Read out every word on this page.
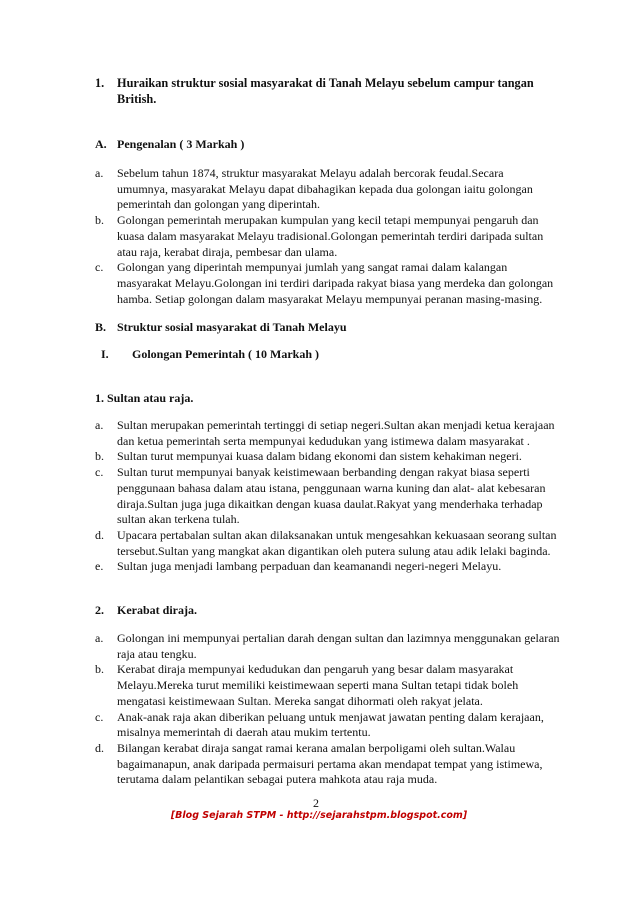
1. Huraikan struktur sosial masyarakat di Tanah Melayu sebelum campur tangan British.
A. Pengenalan ( 3 Markah )
a. Sebelum tahun 1874, struktur masyarakat Melayu adalah bercorak feudal.Secara umumnya, masyarakat Melayu dapat dibahagikan kepada dua golongan iaitu golongan pemerintah dan golongan yang diperintah.
b. Golongan pemerintah merupakan kumpulan yang kecil tetapi mempunyai pengaruh dan kuasa dalam masyarakat Melayu tradisional.Golongan pemerintah terdiri daripada sultan atau raja, kerabat diraja, pembesar dan ulama.
c. Golongan yang diperintah mempunyai jumlah yang sangat ramai dalam kalangan masyarakat Melayu.Golongan ini terdiri daripada rakyat biasa yang merdeka dan golongan hamba. Setiap golongan dalam masyarakat Melayu mempunyai peranan masing-masing.
B. Struktur sosial masyarakat di Tanah Melayu
I. Golongan Pemerintah ( 10 Markah )
1. Sultan atau raja.
a. Sultan merupakan pemerintah tertinggi di setiap negeri.Sultan akan menjadi ketua kerajaan dan ketua pemerintah serta mempunyai kedudukan yang istimewa dalam masyarakat .
b. Sultan turut mempunyai kuasa dalam bidang ekonomi dan sistem kehakiman negeri.
c. Sultan turut mempunyai banyak keistimewaan berbanding dengan rakyat biasa seperti penggunaan bahasa dalam atau istana, penggunaan warna kuning dan alat- alat kebesaran diraja.Sultan juga juga dikaitkan dengan kuasa daulat.Rakyat yang menderhaka terhadap sultan akan terkena tulah.
d. Upacara pertabalan sultan akan dilaksanakan untuk mengesahkan kekuasaan seorang sultan tersebut.Sultan yang mangkat akan digantikan oleh putera sulung atau adik lelaki baginda.
e. Sultan juga menjadi lambang perpaduan dan keamanandi negeri-negeri Melayu.
2. Kerabat diraja.
a. Golongan ini mempunyai pertalian darah dengan sultan dan lazimnya menggunakan gelaran raja atau tengku.
b. Kerabat diraja mempunyai kedudukan dan pengaruh yang besar dalam masyarakat Melayu.Mereka turut memiliki keistimewaan seperti mana Sultan tetapi tidak boleh mengatasi keistimewaan Sultan. Mereka sangat dihormati oleh rakyat jelata.
c. Anak-anak raja akan diberikan peluang untuk menjawat jawatan penting dalam kerajaan, misalnya memerintah di daerah atau mukim tertentu.
d. Bilangan kerabat diraja sangat ramai kerana amalan berpoligami oleh sultan.Walau bagaimanapun, anak daripada permaisuri pertama akan mendapat tempat yang istimewa, terutama dalam pelantikan sebagai putera mahkota atau raja muda.
2
[Blog Sejarah STPM - http://sejarahstpm.blogspot.com]
